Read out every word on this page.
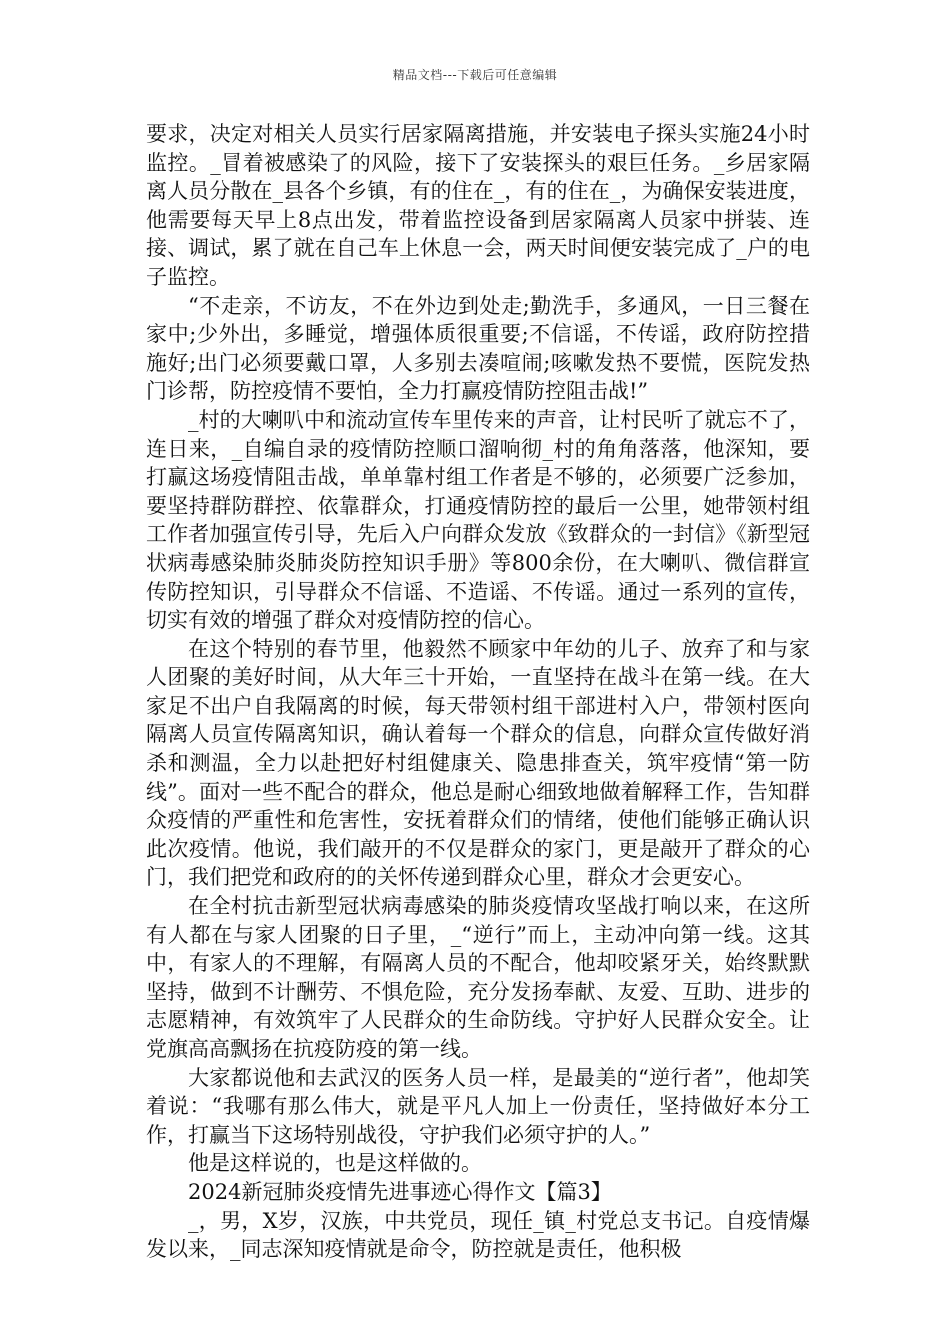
精品文档---下载后可任意编辑

要求，决定对相关人员实行居家隔离措施，并安装电子探头实施24小时监控。_冒着被感染了的风险，接下了安装探头的艰巨任务。_乡居家隔离人员分散在_县各个乡镇，有的住在_，有的住在_，为确保安装进度，他需要每天早上8点出发，带着监控设备到居家隔离人员家中拼装、连接、调试，累了就在自己车上休息一会，两天时间便安装完成了_户的电子监控。

“不走亲，不访友，不在外边到处走;勤洗手，多通风，一日三餐在家中;少外出，多睡觉，增强体质很重要;不信谣，不传谣，政府防控措施好;出门必须要戴口罩，人多别去凑喧闹;咳嗽发热不要慌，医院发热门诊帮，防控疫情不要怕，全力打赢疫情防控阻击战!”

_村的大喇叭中和流动宣传车里传来的声音，让村民听了就忘不了，连日来，_自编自录的疫情防控顺口溜响彻_村的角角落落，他深知，要打赢这场疫情阻击战，单单靠村组工作者是不够的，必须要广泛参加，要坚持群防群控、依靠群众，打通疫情防控的最后一公里，她带领村组工作者加强宣传引导，先后入户向群众发放《致群众的一封信》《新型冠状病毒感染肺炎肺炎防控知识手册》等800余份，在大喇叭、微信群宣传防控知识，引导群众不信谣、不造谣、不传谣。通过一系列的宣传，切实有效的增强了群众对疫情防控的信心。

在这个特别的春节里，他毅然不顾家中年幼的儿子、放弃了和与家人团聚的美好时间，从大年三十开始，一直坚持在战斗在第一线。在大家足不出户自我隔离的时候，每天带领村组干部进村入户，带领村医向隔离人员宣传隔离知识，确认着每一个群众的信息，向群众宣传做好消杀和测温，全力以赴把好村组健康关、隐患排查关，筑牢疫情“第一防线”。面对一些不配合的群众，他总是耐心细致地做着解释工作，告知群众疫情的严重性和危害性，安抚着群众们的情绪，使他们能够正确认识此次疫情。他说，我们敲开的不仅是群众的家门，更是敲开了群众的心门，我们把党和政府的的关怀传递到群众心里，群众才会更安心。

在全村抗击新型冠状病毒感染的肺炎疫情攻坚战打响以来，在这所有人都在与家人团聚的日子里，_“逆行”而上，主动冲向第一线。这其中，有家人的不理解，有隔离人员的不配合，他却咬紧牙关，始终默默坚持，做到不计酬劳、不惧危险，充分发扬奉献、友爱、互助、进步的志愿精神，有效筑牢了人民群众的生命防线。守护好人民群众安全。让党旗高高飘扬在抗疫防疫的第一线。

大家都说他和去武汉的医务人员一样，是最美的“逆行者”，他却笑着说：“我哪有那么伟大，就是平凡人加上一份责任，坚持做好本分工作，打赢当下这场特别战役，守护我们必须守护的人。”

他是这样说的，也是这样做的。

2024新冠肺炎疫情先进事迹心得作文【篇3】

_，男，X岁，汉族，中共党员，现任_镇_村党总支书记。自疫情爆发以来，_同志深知疫情就是命令，防控就是责任，他积极
